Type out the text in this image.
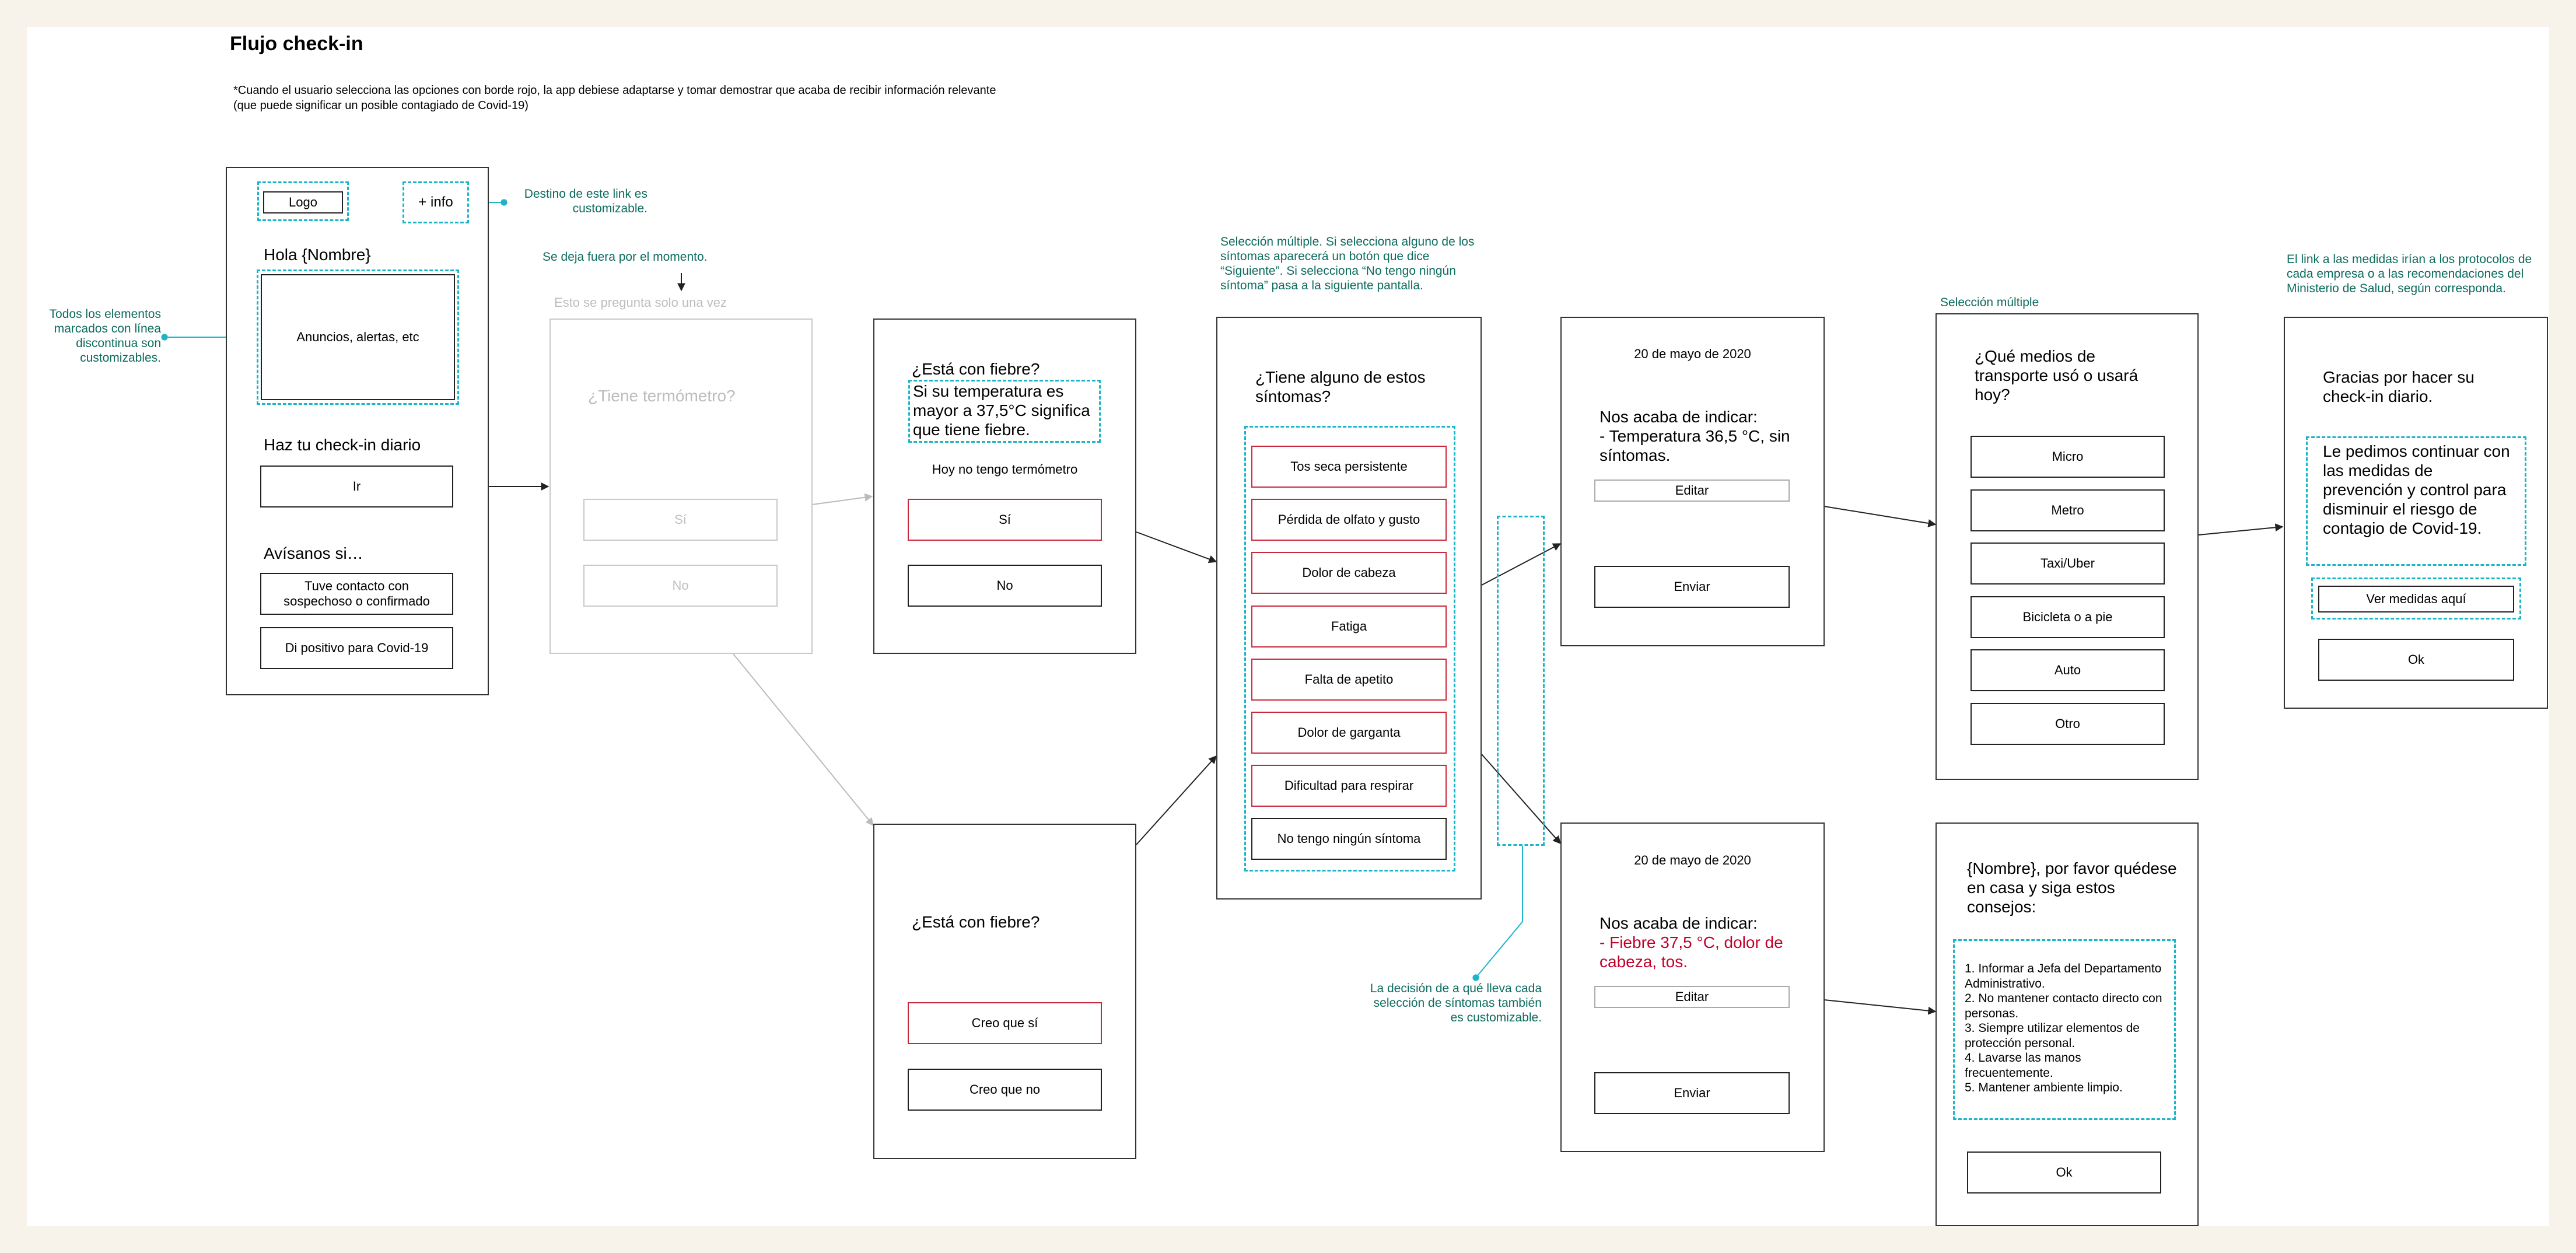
Flujo check-in
*Cuando el usuario selecciona las opciones con borde rojo, la app debiese adaptarse y tomar demostrar que acaba de recibir información relevante (que puede significar un posible contagiado de Covid-19)
Destino de este link es customizable.
Todos los elementos marcados con línea discontinua son customizables.
Se deja fuera por el momento.
Selección múltiple. Si selecciona alguno de los síntomas aparecerá un botón que dice “Siguiente”. Si selecciona “No tengo ningún síntoma” pasa a la siguiente pantalla.
Selección múltiple
El link a las medidas irían a los protocolos de cada empresa o a las recomendaciones del Ministerio de Salud, según corresponda.
La decisión de a qué lleva cada selección de síntomas también es customizable.
Logo	+ info
Hola {Nombre}
Anuncios, alertas, etc
Haz tu check-in diario
Ir
Avísanos si…
Tuve contacto con sospechoso o confirmado
Di positivo para Covid-19
Esto se pregunta solo una vez
¿Tiene termómetro?
Sí
No
¿Está con fiebre?
Si su temperatura es mayor a 37,5°C significa que tiene fiebre.
Hoy no tengo termómetro
Sí
No
¿Está con fiebre?
Creo que sí
Creo que no
¿Tiene alguno de estos síntomas?
Tos seca persistente
Pérdida de olfato y gusto
Dolor de cabeza
Fatiga
Falta de apetito
Dolor de garganta
Dificultad para respirar
No tengo ningún síntoma
20 de mayo de 2020
Nos acaba de indicar:
- Temperatura 36,5 °C, sin síntomas.
Editar
Enviar
20 de mayo de 2020
Nos acaba de indicar:
- Fiebre 37,5 °C, dolor de cabeza, tos.
Editar
Enviar
¿Qué medios de transporte usó o usará hoy?
Micro
Metro
Taxi/Uber
Bicicleta o a pie
Auto
Otro
Gracias por hacer su check-in diario.
Le pedimos continuar con las medidas de prevención y control para disminuir el riesgo de contagio de Covid-19.
Ver medidas aquí
Ok
{Nombre}, por favor quédese en casa y siga estos consejos:
1. Informar a Jefa del Departamento Administrativo.
2. No mantener contacto directo con personas.
3. Siempre utilizar elementos de protección personal.
4. Lavarse las manos frecuentemente.
5. Mantener ambiente limpio.
Ok
